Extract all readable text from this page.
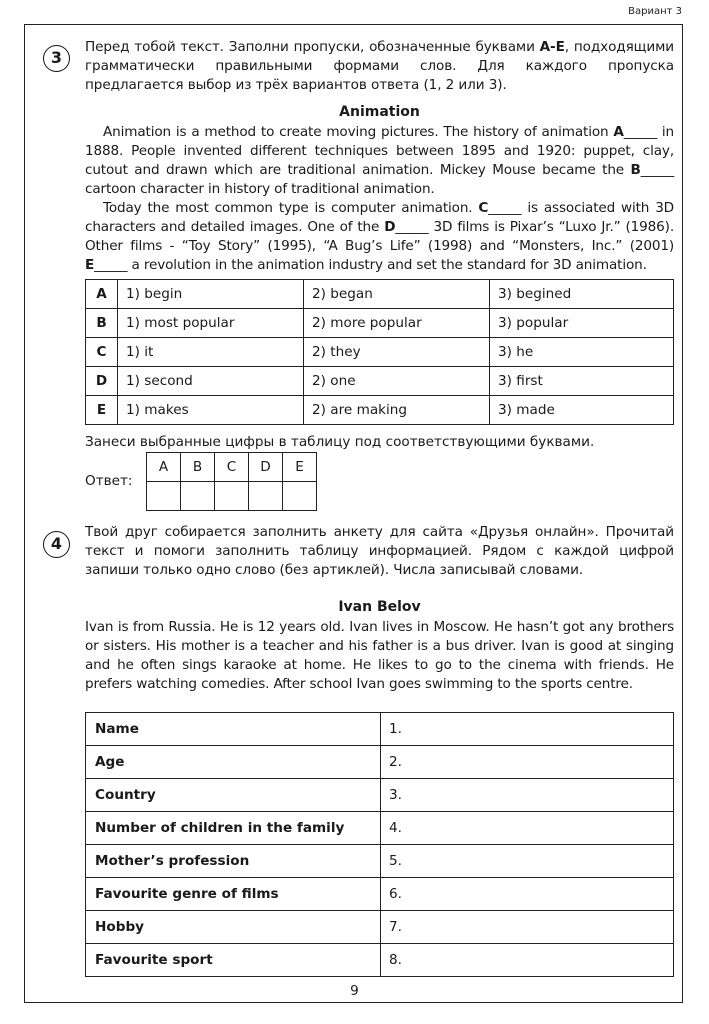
Вариант 3
3
Перед тобой текст. Заполни пропуски, обозначенные буквами A-E, подходящими грамматически правильными формами слов. Для каждого пропуска предлагается выбор из трёх вариантов ответа (1, 2 или 3).
Animation
Animation is a method to create moving pictures. The history of animation A_____ in 1888. People invented different techniques between 1895 and 1920: puppet, clay, cutout and drawn which are traditional animation. Mickey Mouse became the B_____ cartoon character in history of traditional animation.
Today the most common type is computer animation. C_____ is associated with 3D characters and detailed images. One of the D_____ 3D films is Pixar’s “Luxo Jr.” (1986). Other films - “Toy Story” (1995), “A Bug’s Life” (1998) and “Monsters, Inc.” (2001) E_____ a revolution in the animation industry and set the standard for 3D animation.
A	1) begin	2) began	3) begined
B	1) most popular	2) more popular	3) popular
C	1) it	2) they	3) he
D	1) second	2) one	3) first
E	1) makes	2) are making	3) made
Занеси выбранные цифры в таблицу под соответствующими буквами.
Ответ:
A	B	C	D	E

4
Твой друг собирается заполнить анкету для сайта «Друзья онлайн». Прочитай текст и помоги заполнить таблицу информацией. Рядом с каждой цифрой запиши только одно слово (без артиклей). Числа записывай словами.
Ivan Belov
Ivan is from Russia. He is 12 years old. Ivan lives in Moscow. He hasn’t got any brothers or sisters. His mother is a teacher and his father is a bus driver. Ivan is good at singing and he often sings karaoke at home. He likes to go to the cinema with friends. He prefers watching comedies. After school Ivan goes swimming to the sports centre.
Name	1.
Age	2.
Country	3.
Number of children in the family	4.
Mother’s profession	5.
Favourite genre of films	6.
Hobby	7.
Favourite sport	8.
9
